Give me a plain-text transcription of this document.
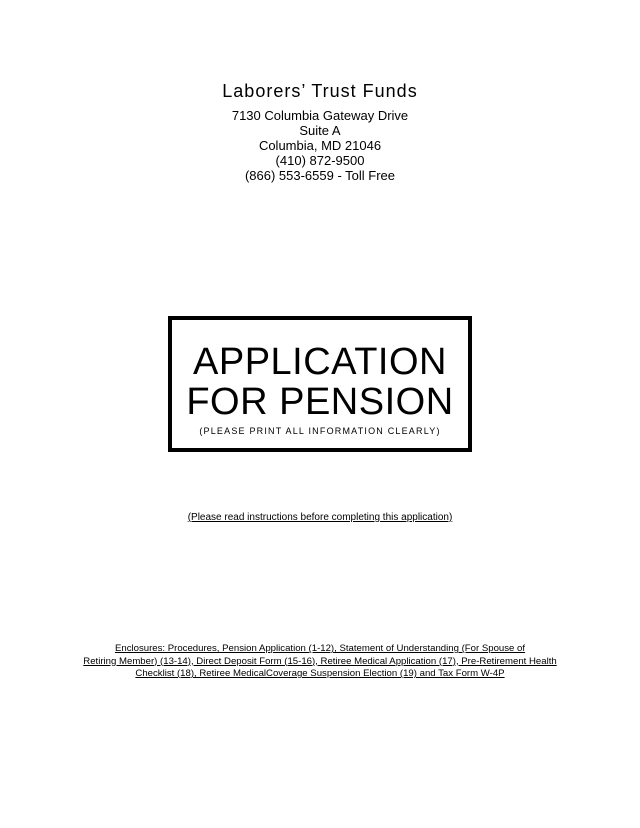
Laborers’ Trust Funds
7130 Columbia Gateway Drive
Suite A
Columbia, MD 21046
(410) 872-9500
(866) 553-6559 - Toll Free
APPLICATION
FOR PENSION
(PLEASE PRINT ALL INFORMATION CLEARLY)
(Please read instructions before completing this application)
Enclosures: Procedures, Pension Application (1-12), Statement of Understanding (For Spouse of
Retiring Member) (13-14), Direct Deposit Form (15-16), Retiree Medical Application (17), Pre-Retirement Health
Checklist (18), Retiree MedicalCoverage Suspension Election (19) and Tax Form W-4P
